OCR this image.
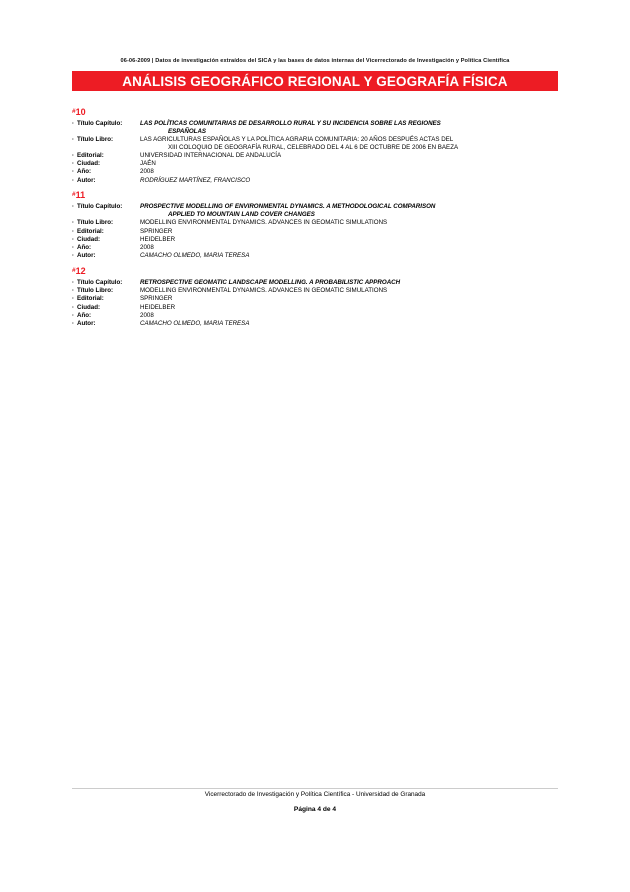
06-06-2009 | Datos de investigación extraídos del SICA y las bases de datos internas del Vicerrectorado de Investigación y Política Científica
ANÁLISIS GEOGRÁFICO REGIONAL Y GEOGRAFÍA FÍSICA
#10
· Título Capítulo:	LAS POLÍTICAS COMUNITARIAS DE DESARROLLO RURAL Y SU INCIDENCIA SOBRE LAS REGIONES
ESPAÑOLAS
· Título Libro:	LAS AGRICULTURAS ESPAÑOLAS Y LA POLÍTICA AGRARIA COMUNITARIA: 20 AÑOS DESPUÉS ACTAS DEL
XIII COLOQUIO DE GEOGRAFÍA RURAL, CELEBRADO DEL 4 AL 6 DE OCTUBRE DE 2006 EN BAEZA
· Editorial:	UNIVERSIDAD INTERNACIONAL DE ANDALUCÍA
· Ciudad:	JAÉN
· Año:	2008
· Autor:	RODRÍGUEZ MARTÍNEZ, FRANCISCO
#11
· Título Capítulo:	PROSPECTIVE MODELLING OF ENVIRONMENTAL DYNAMICS. A METHODOLOGICAL COMPARISON
APPLIED TO MOUNTAIN LAND COVER CHANGES
· Título Libro:	MODELLING ENVIRONMENTAL DYNAMICS. ADVANCES IN GEOMATIC SIMULATIONS
· Editorial:	SPRINGER
· Ciudad:	HEIDELBER
· Año:	2008
· Autor:	CAMACHO OLMEDO, MARIA TERESA
#12
· Título Capítulo:	RETROSPECTIVE GEOMATIC LANDSCAPE MODELLING. A PROBABILISTIC APPROACH
· Título Libro:	MODELLING ENVIRONMENTAL DYNAMICS. ADVANCES IN GEOMATIC SIMULATIONS
· Editorial:	SPRINGER
· Ciudad:	HEIDELBER
· Año:	2008
· Autor:	CAMACHO OLMEDO, MARIA TERESA
Vicerrectorado de Investigación y Política Científica - Universidad de Granada
Página 4 de 4
